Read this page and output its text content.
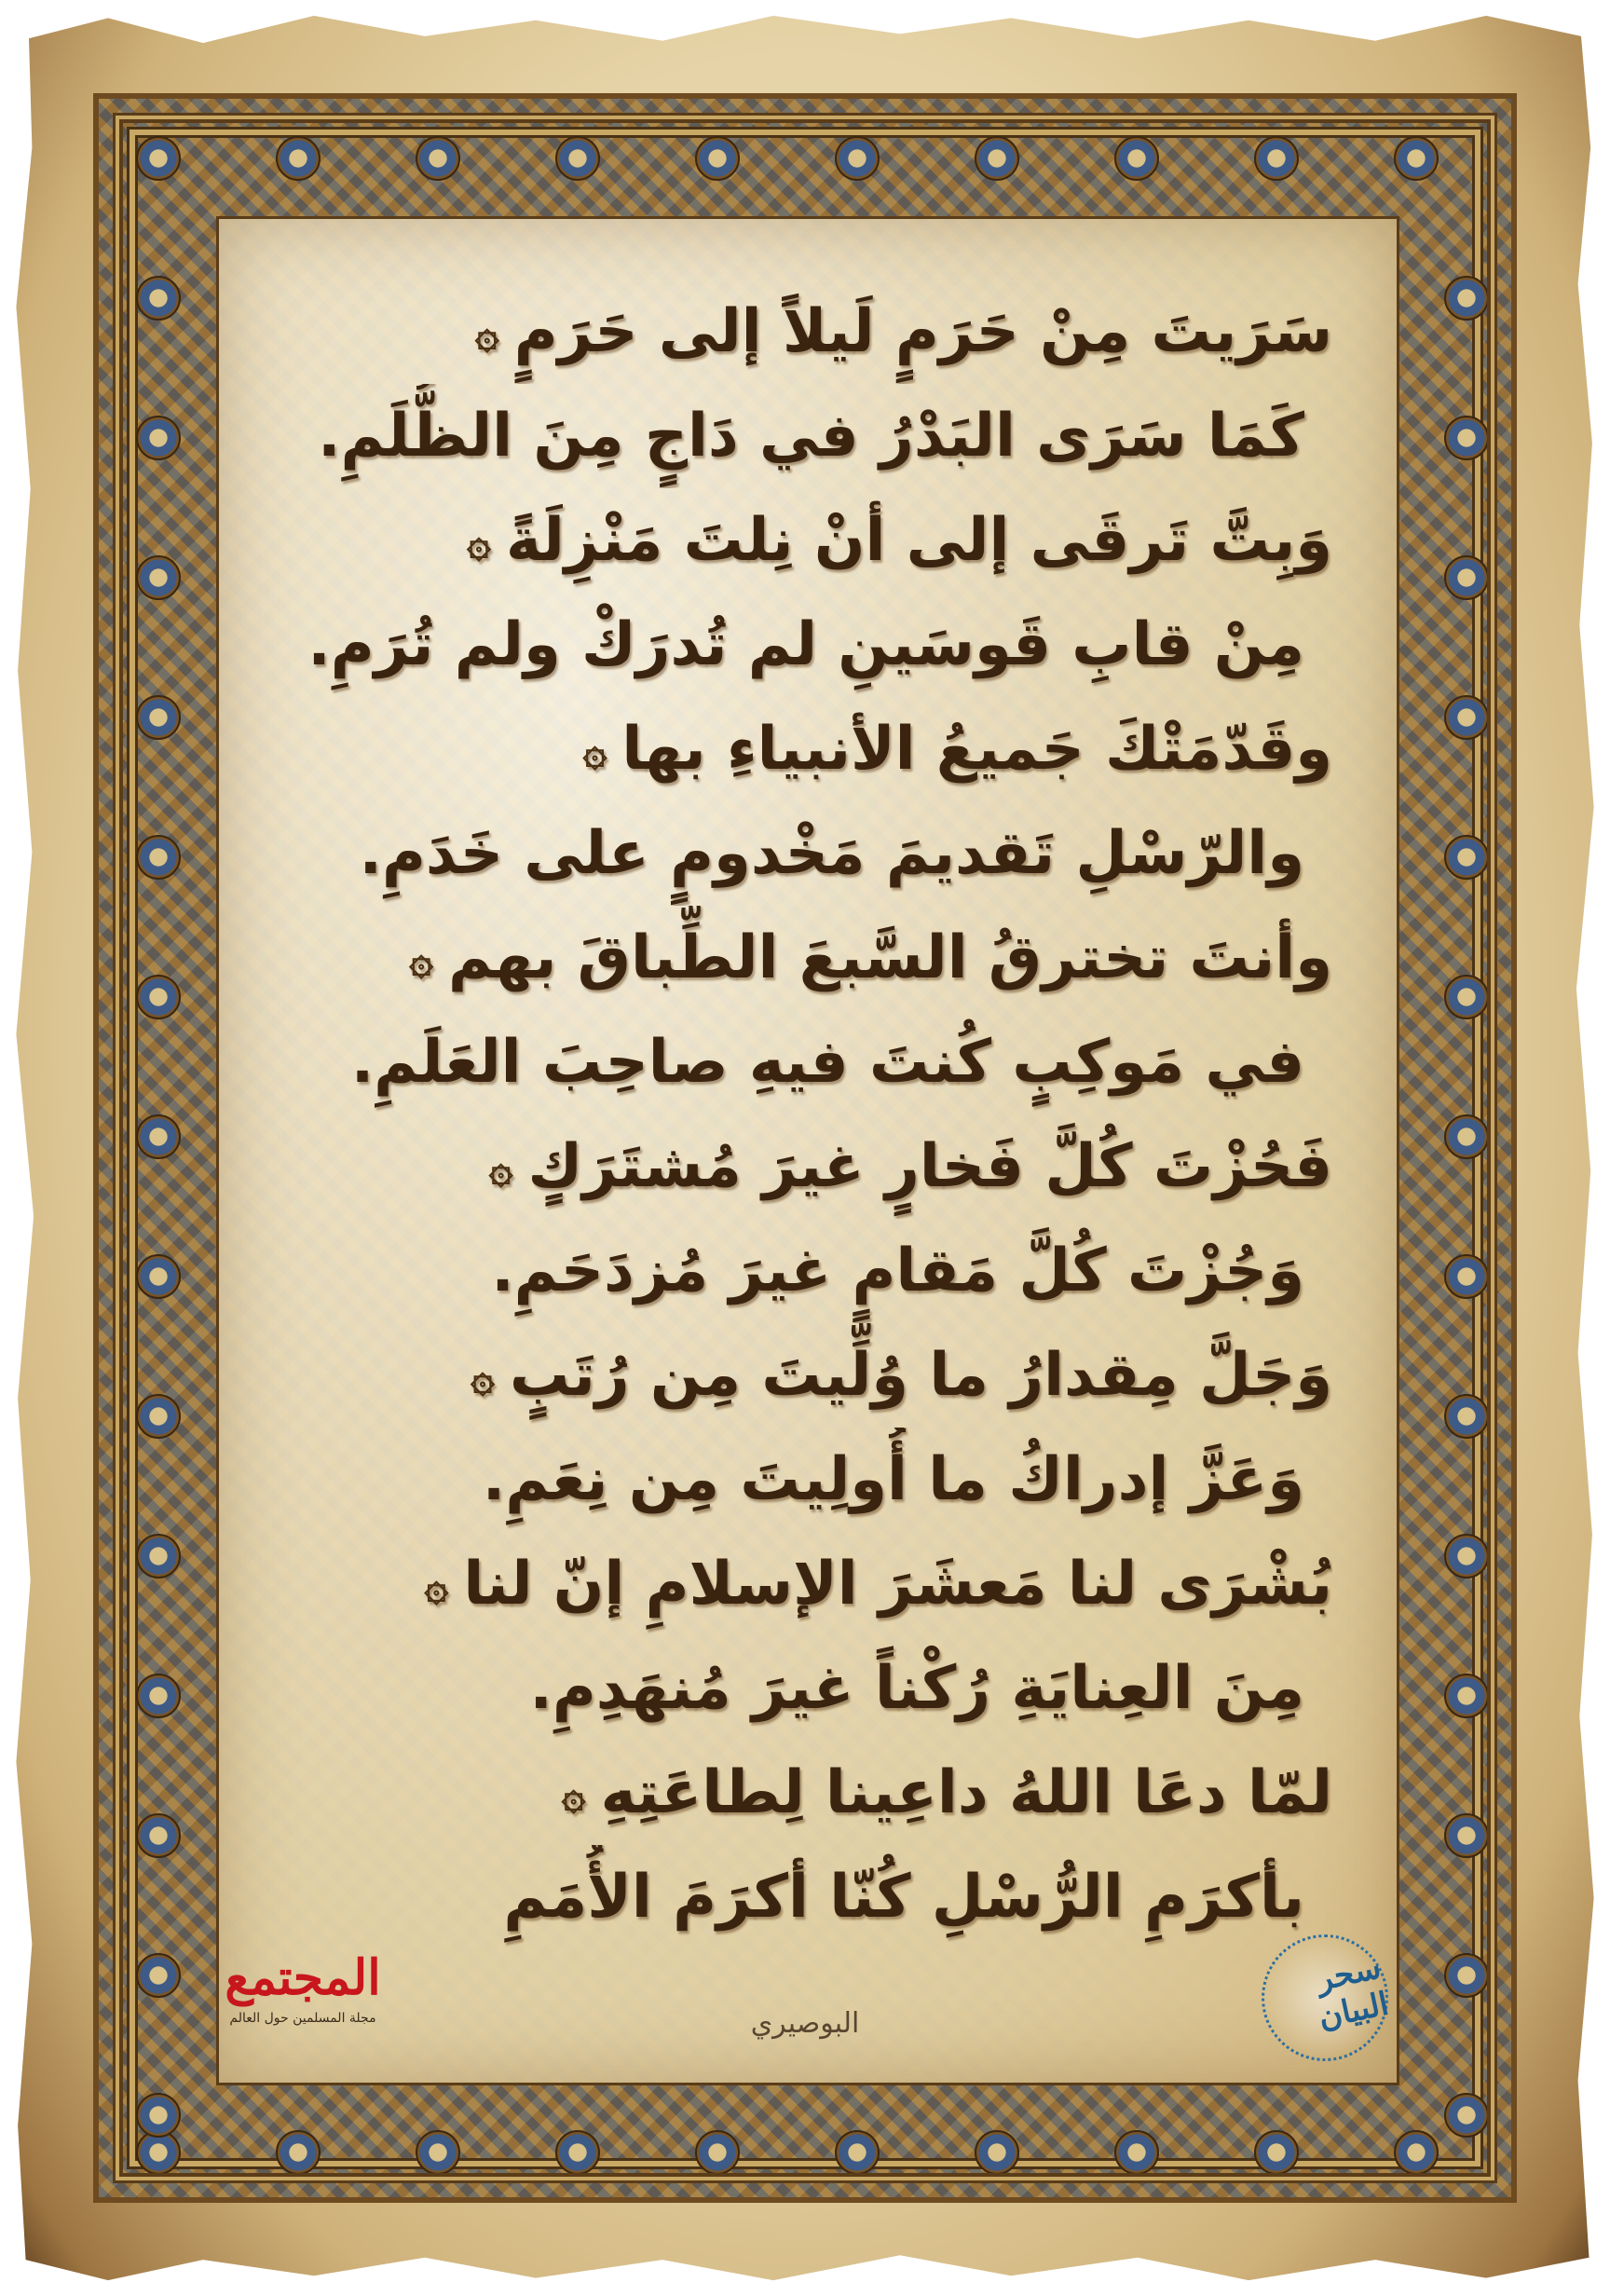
سَرَيتَ مِنْ حَرَمٍ لَيلاً إلى حَرَمٍ۞
كَمَا سَرَى البَدْرُ في دَاجٍ مِنَ الظُّلَمِ.
وَبِتَّ تَرقَى إلى أنْ نِلتَ مَنْزِلَةً۞
مِنْ قابِ قَوسَينِ لم تُدرَكْ ولم تُرَمِ.
وقَدّمَتْكَ جَميعُ الأنبياءِ بها۞
والرّسْلِ تَقديمَ مَخْدومٍ على خَدَمِ.
وأنتَ تخترقُ السَّبعَ الطِّباقَ بهم۞
في مَوكِبٍ كُنتَ فيهِ صاحِبَ العَلَمِ.
فَحُزْتَ كُلَّ فَخارٍ غيرَ مُشتَرَكٍ۞
وَجُزْتَ كُلَّ مَقامٍ غيرَ مُزدَحَمِ.
وَجَلَّ مِقدارُ ما وُلِّيتَ مِن رُتَبٍ۞
وَعَزَّ إدراكُ ما أُولِيتَ مِن نِعَمِ.
بُشْرَى لنا مَعشَرَ الإسلامِ إنّ لنا۞
مِنَ العِنايَةِ رُكْناً غيرَ مُنهَدِمِ.
لمّا دعَا اللهُ داعِينا لِطاعَتِهِ۞
بأكرَمِ الرُّسْلِ كُنّا أكرَمَ الأُمَمِ
البوصيري
المجتمع
مجلة المسلمين حول العالم
سحر البيان
